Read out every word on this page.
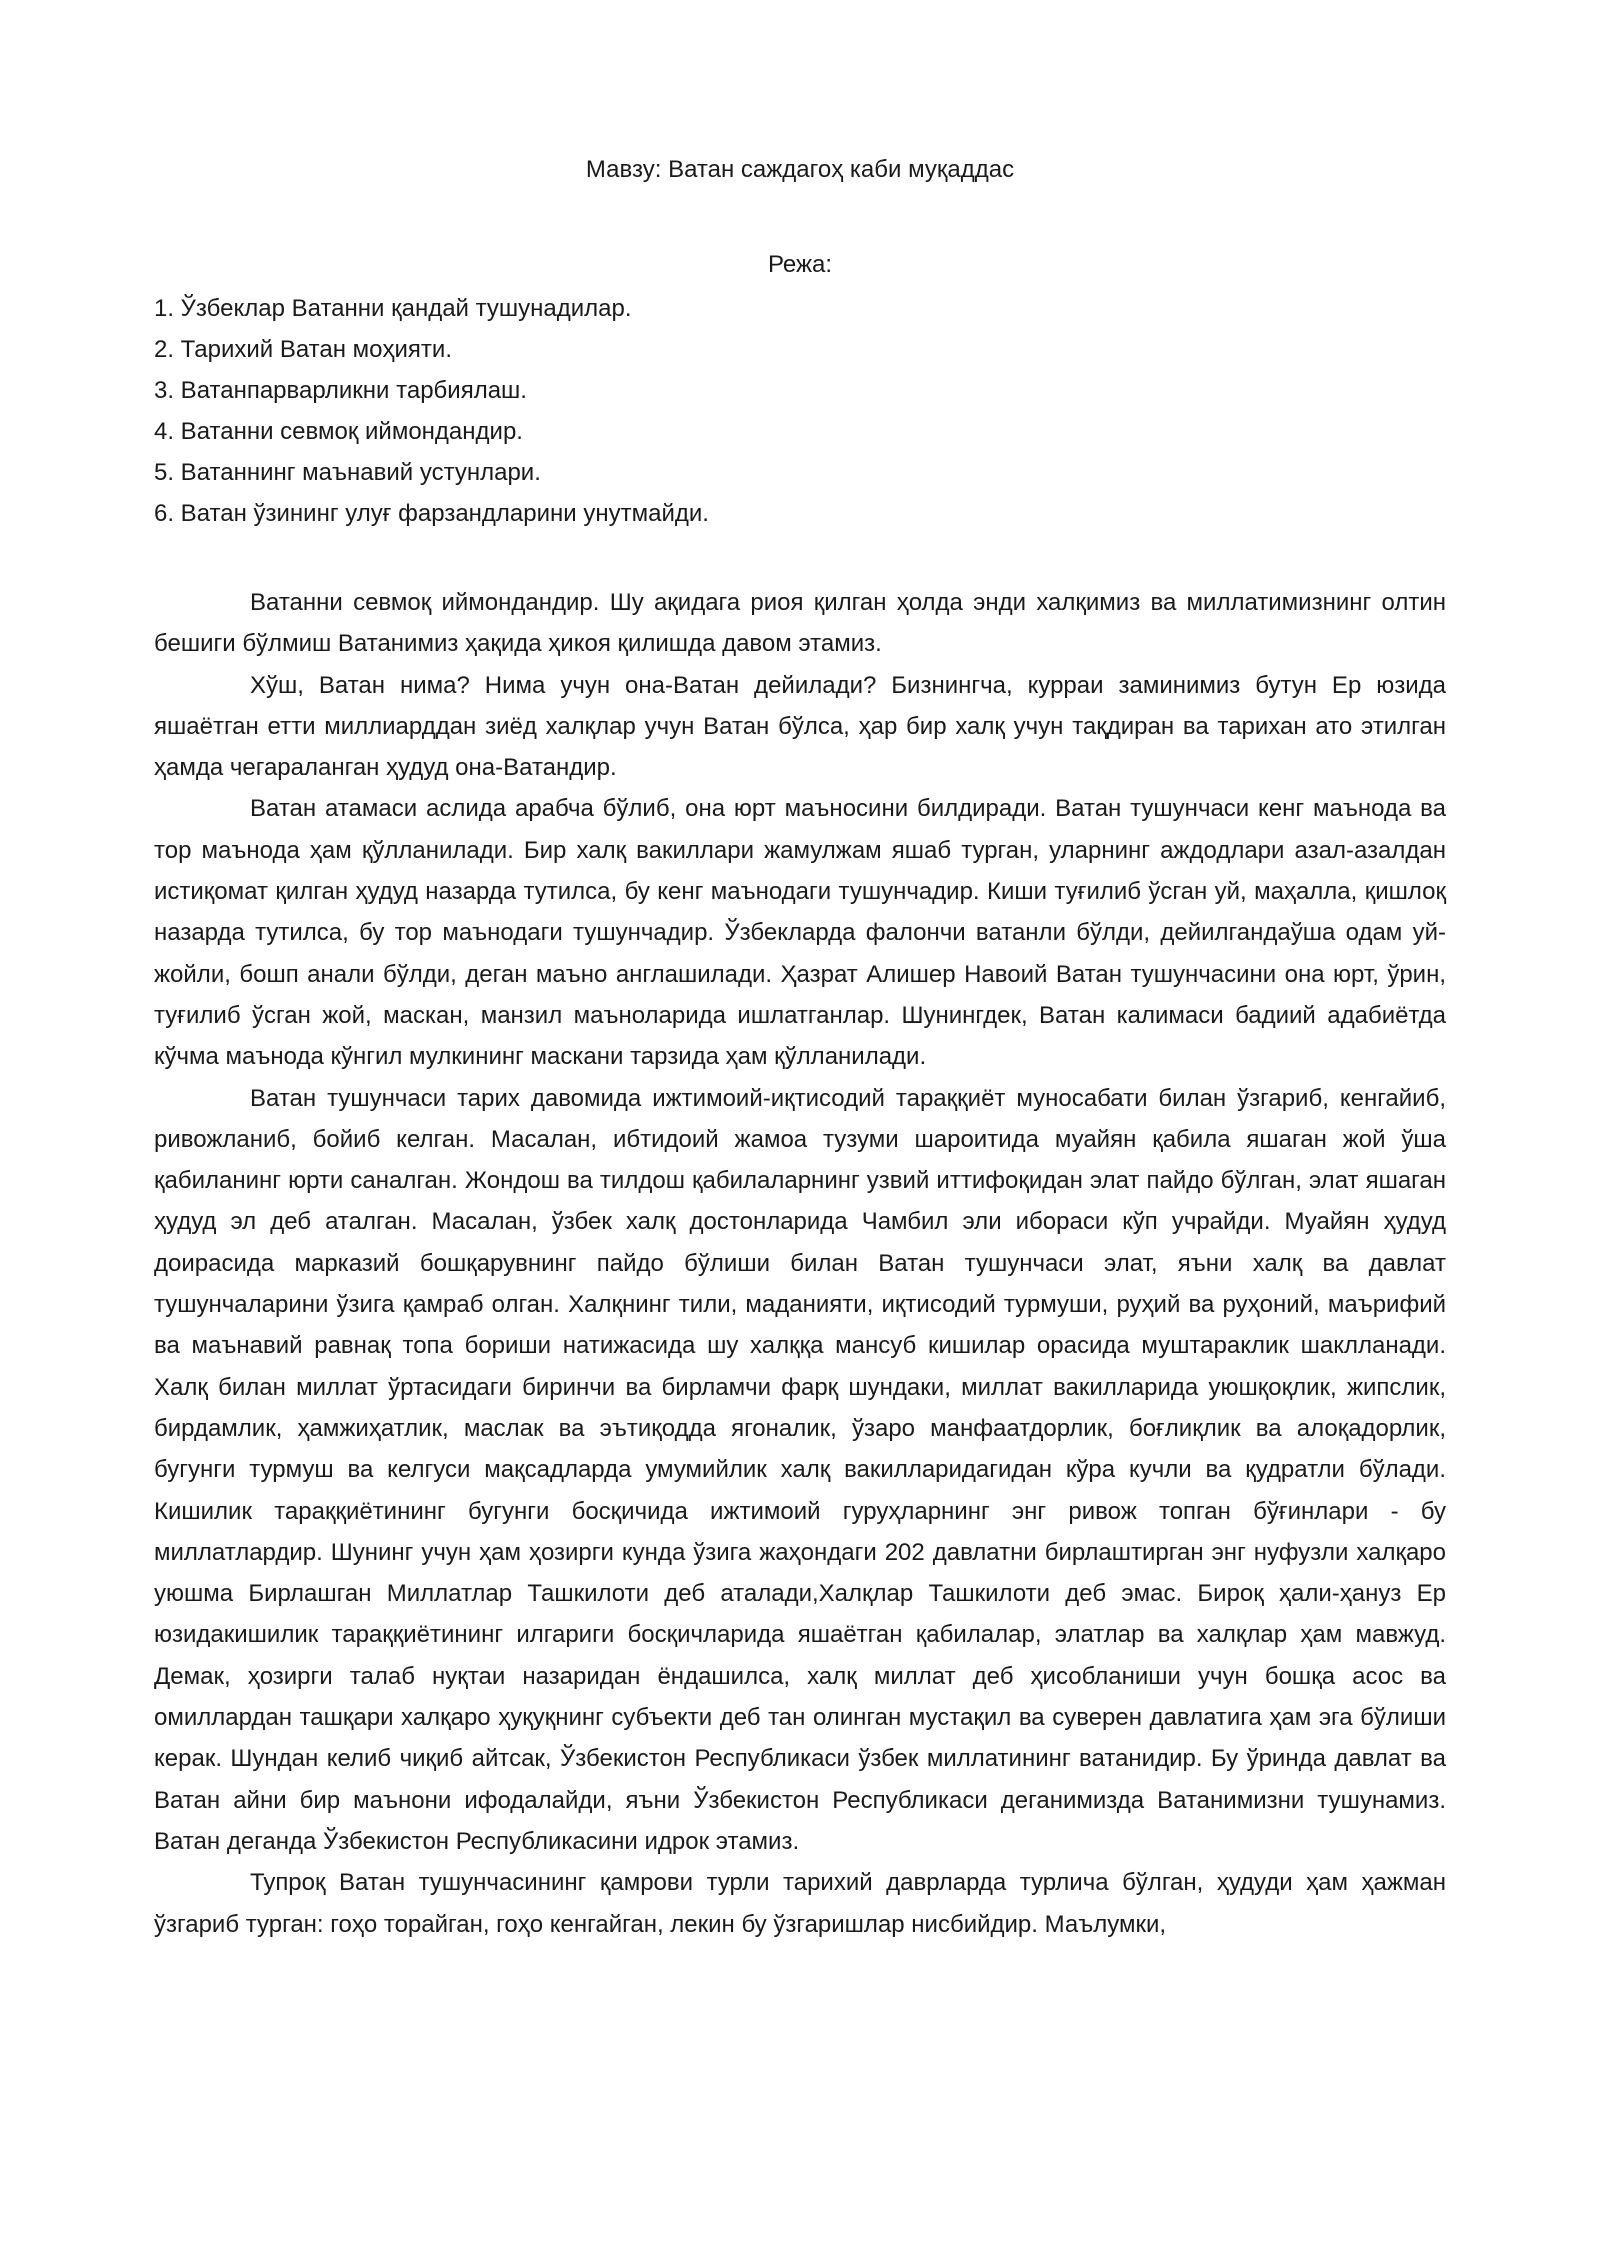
Мавзу: Ватан саждагоҳ каби муқаддас
Режа:
1. Ўзбеклар Ватанни қандай тушунадилар.
2. Тарихий Ватан моҳияти.
3. Ватанпарварликни тарбиялаш.
4. Ватанни севмоқ иймондандир.
5. Ватаннинг маънавий устунлари.
6. Ватан ўзининг улуғ фарзандларини унутмайди.

Ватанни севмоқ иймондандир. Шу ақидага риоя қилган ҳолда энди халқимиз ва миллатимизнинг олтин бешиги бўлмиш Ватанимиз ҳақида ҳикоя қилишда давом этамиз.

Хўш, Ватан нима? Нима учун она-Ватан дейилади? Бизнингча, курраи заминимиз бутун Ер юзида яшаётган етти миллиарддан зиёд халқлар учун Ватан бўлса, ҳар бир халқ учун тақдиран ва тарихан ато этилган ҳамда чегараланган ҳудуд она-Ватандир.

Ватан атамаси аслида арабча бўлиб, она юрт маъносини билдиради. Ватан тушунчаси кенг маънода ва тор маънода ҳам қўлланилади. Бир халқ вакиллари жамулжам яшаб турган, уларнинг аждодлари азал-азалдан истиқомат қилган ҳудуд назарда тутилса, бу кенг маънодаги тушунчадир. Киши туғилиб ўсган уй, маҳалла, қишлоқ назарда тутилса, бу тор маънодаги тушунчадир. Ўзбекларда фалончи ватанли бўлди, дейилгандаўша одам уй-жойли, бошп анали бўлди, деган маъно англашилади. Ҳазрат Алишер Навоий Ватан тушунчасини она юрт, ўрин, туғилиб ўсган жой, маскан, манзил маъноларида ишлатганлар. Шунингдек, Ватан калимаси бадиий адабиётда кўчма маънода кўнгил мулкининг маскани тарзида ҳам қўлланилади.

Ватан тушунчаси тарих давомида ижтимоий-иқтисодий тараққиёт муносабати билан ўзгариб, кенгайиб, ривожланиб, бойиб келган. Масалан, ибтидоий жамоа тузуми шароитида муайян қабила яшаган жой ўша қабиланинг юрти саналган. Жондош ва тилдош қабилаларнинг узвий иттифоқидан элат пайдо бўлган, элат яшаган ҳудуд эл деб аталган. Масалан, ўзбек халқ достонларида Чамбил эли ибораси кўп учрайди. Муайян ҳудуд доирасида марказий бошқарувнинг пайдо бўлиши билан Ватан тушунчаси элат, яъни халқ ва давлат тушунчаларини ўзига қамраб олган. Халқнинг тили, маданияти, иқтисодий турмуши, руҳий ва руҳоний, маърифий ва маънавий равнақ топа бориши натижасида шу халққа мансуб кишилар орасида муштараклик шаклланади. Халқ билан миллат ўртасидаги биринчи ва бирламчи фарқ шундаки, миллат вакилларида уюшқоқлик, жипслик, бирдамлик, ҳамжиҳатлик, маслак ва эътиқодда ягоналик, ўзаро манфаатдорлик, боғлиқлик ва алоқадорлик, бугунги турмуш ва келгуси мақсадларда умумийлик халқ вакилларидагидан кўра кучли ва қудратли бўлади. Кишилик тараққиётининг бугунги босқичида ижтимоий гуруҳларнинг энг ривож топган бўғинлари - бу миллатлардир. Шунинг учун ҳам ҳозирги кунда ўзига жаҳондаги 202 давлатни бирлаштирган энг нуфузли халқаро уюшма Бирлашган Миллатлар Ташкилоти деб аталади,Халқлар Ташкилоти деб эмас. Бироқ ҳали-ҳануз Ер юзидакишилик тараққиётининг илгариги босқичларида яшаётган қабилалар, элатлар ва халқлар ҳам мавжуд. Демак, ҳозирги талаб нуқтаи назаридан ёндашилса, халқ миллат деб ҳисобланиши учун бошқа асос ва омиллардан ташқари халқаро ҳуқуқнинг субъекти деб тан олинган мустақил ва суверен давлатига ҳам эга бўлиши керак. Шундан келиб чиқиб айтсак, Ўзбекистон Республикаси ўзбек миллатининг ватанидир. Бу ўринда давлат ва Ватан айни бир маънони ифодалайди, яъни Ўзбекистон Республикаси деганимизда Ватанимизни тушунамиз. Ватан деганда Ўзбекистон Республикасини идрок этамиз.

Тупроқ Ватан тушунчасининг қамрови турли тарихий даврларда турлича бўлган, ҳудуди ҳам ҳажман ўзгариб турган: гоҳо торайган, гоҳо кенгайган, лекин бу ўзгаришлар нисбийдир. Маълумки,
